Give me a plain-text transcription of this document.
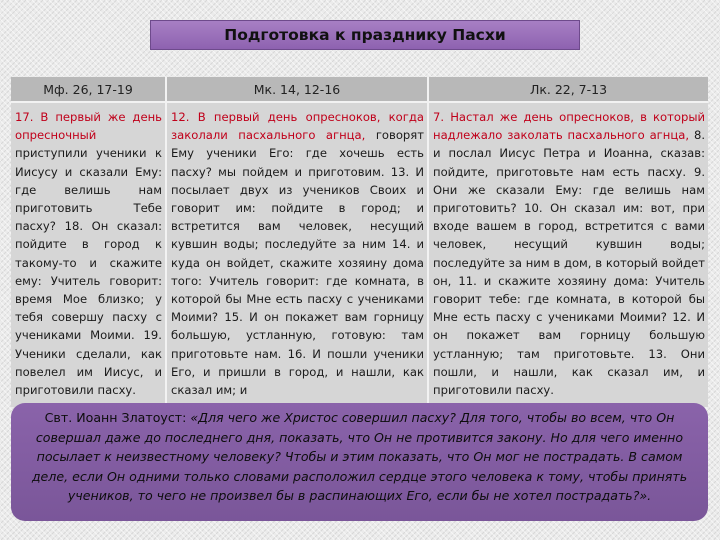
Подготовка к празднику Пасхи
Мф. 26, 17-19	Мк. 14, 12-16	Лк. 22, 7-13
17. В первый же день опресночный приступили ученики к Иисусу и сказали Ему: где велишь нам приготовить Тебе пасху? 18. Он сказал: пойдите в город к такому-то и скажите ему: Учитель говорит: время Мое близко; у тебя совершу пасху с учениками Моими. 19. Ученики сделали, как повелел им Иисус, и приготовили пасху.
12. В первый день опресноков, когда заколали пасхального агнца, говорят Ему ученики Его: где хочешь есть пасху? мы пойдем и приготовим. 13. И посылает двух из учеников Своих и говорит им: пойдите в город; и встретится вам человек, несущий кувшин воды; последуйте за ним 14. и куда он войдет, скажите хозяину дома того: Учитель говорит: где комната, в которой бы Мне есть пасху с учениками Моими? 15. И он покажет вам горницу большую, устланную, готовую: там приготовьте нам. 16. И пошли ученики Его, и пришли в город, и нашли, как сказал им; и
7. Настал же день опресноков, в который надлежало заколать пасхального агнца, 8. и послал Иисус Петра и Иоанна, сказав: пойдите, приготовьте нам есть пасху. 9. Они же сказали Ему: где велишь нам приготовить? 10. Он сказал им: вот, при входе вашем в город, встретится с вами человек, несущий кувшин воды; последуйте за ним в дом, в который войдет он, 11. и скажите хозяину дома: Учитель говорит тебе: где комната, в которой бы Мне есть пасху с учениками Моими? 12. И он покажет вам горницу большую устланную; там приготовьте. 13. Они пошли, и нашли, как сказал им, и приготовили пасху.
Свт. Иоанн Златоуст: «Для чего же Христос совершил пасху? Для того, чтобы во всем, что Он совершал даже до последнего дня, показать, что Он не противится закону. Но для чего именно посылает к неизвестному человеку? Чтобы и этим показать, что Он мог не пострадать. В самом деле, если Он одними только словами расположил сердце этого человека к тому, чтобы принять учеников, то чего не произвел бы в распинающих Его, если бы не хотел пострадать?».
